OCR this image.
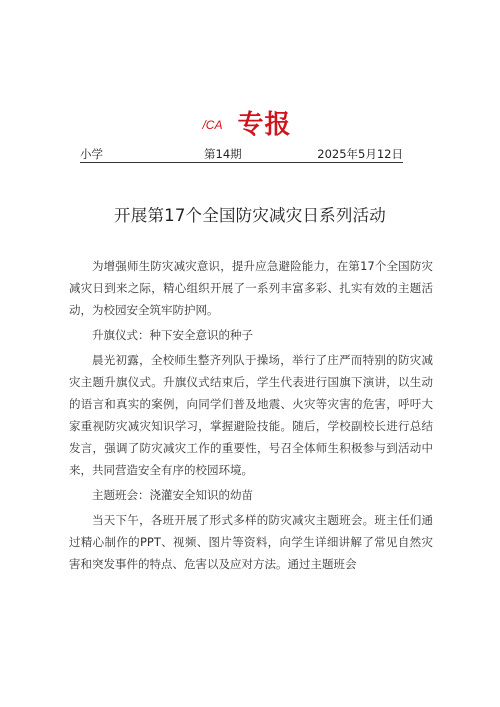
/CA 专报
小学	第14期	2025年5月12日
开展第17个全国防灾减灾日系列活动

为增强师生防灾减灾意识，提升应急避险能力，在第17个全国防灾减灾日到来之际，精心组织开展了一系列丰富多彩、扎实有效的主题活动，为校园安全筑牢防护网。

升旗仪式：种下安全意识的种子

晨光初露，全校师生整齐列队于操场，举行了庄严而特别的防灾减灾主题升旗仪式。升旗仪式结束后，学生代表进行国旗下演讲，以生动的语言和真实的案例，向同学们普及地震、火灾等灾害的危害，呼吁大家重视防灾减灾知识学习，掌握避险技能。随后，学校副校长进行总结发言，强调了防灾减灾工作的重要性，号召全体师生积极参与到活动中来，共同营造安全有序的校园环境。

主题班会：浇灌安全知识的幼苗

当天下午，各班开展了形式多样的防灾减灾主题班会。班主任们通过精心制作的PPT、视频、图片等资料，向学生详细讲解了常见自然灾害和突发事件的特点、危害以及应对方法。通过主题班会
